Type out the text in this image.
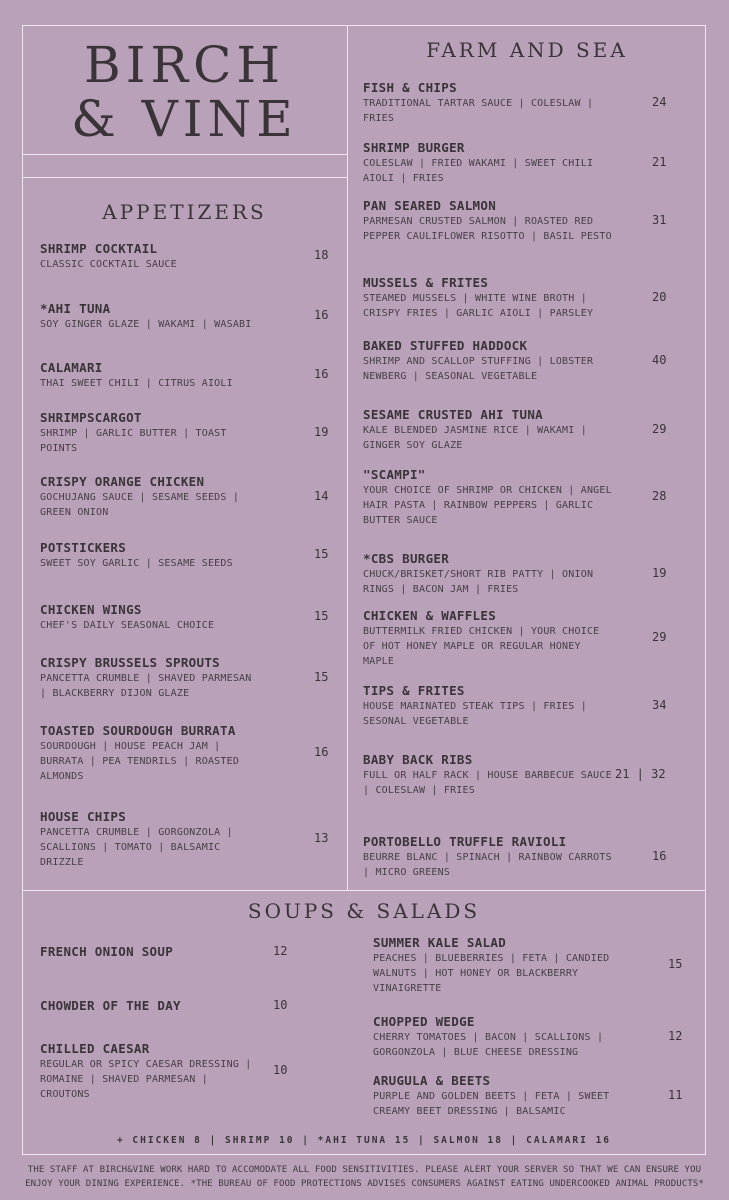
BIRCH
& VINE
APPETIZERS
FARM AND SEA
SOUPS & SALADS
SHRIMP COCKTAIL
CLASSIC COCKTAIL SAUCE
18
*AHI TUNA
SOY GINGER GLAZE | WAKAMI | WASABI
16
CALAMARI
THAI SWEET CHILI | CITRUS AIOLI
16
SHRIMPSCARGOT
SHRIMP | GARLIC BUTTER | TOAST POINTS
19
CRISPY ORANGE CHICKEN
GOCHUJANG SAUCE | SESAME SEEDS | GREEN ONION
14
POTSTICKERS
SWEET SOY GARLIC | SESAME SEEDS
15
CHICKEN WINGS
CHEF'S DAILY SEASONAL CHOICE
15
CRISPY BRUSSELS SPROUTS
PANCETTA CRUMBLE | SHAVED PARMESAN | BLACKBERRY DIJON GLAZE
15
TOASTED SOURDOUGH BURRATA
SOURDOUGH | HOUSE PEACH JAM | BURRATA | PEA TENDRILS | ROASTED ALMONDS
16
HOUSE CHIPS
PANCETTA CRUMBLE | GORGONZOLA | SCALLIONS | TOMATO | BALSAMIC DRIZZLE
13
FISH & CHIPS
TRADITIONAL TARTAR SAUCE | COLESLAW | FRIES
24
SHRIMP BURGER
COLESLAW | FRIED WAKAMI | SWEET CHILI AIOLI | FRIES
21
PAN SEARED SALMON
PARMESAN CRUSTED SALMON | ROASTED RED PEPPER CAULIFLOWER RISOTTO | BASIL PESTO
31
MUSSELS & FRITES
STEAMED MUSSELS | WHITE WINE BROTH | CRISPY FRIES | GARLIC AIOLI | PARSLEY
20
BAKED STUFFED HADDOCK
SHRIMP AND SCALLOP STUFFING | LOBSTER NEWBERG | SEASONAL VEGETABLE
40
SESAME CRUSTED AHI TUNA
KALE BLENDED JASMINE RICE | WAKAMI | GINGER SOY GLAZE
29
"SCAMPI"
YOUR CHOICE OF SHRIMP OR CHICKEN | ANGEL HAIR PASTA | RAINBOW PEPPERS | GARLIC BUTTER SAUCE
28
*CBS BURGER
CHUCK/BRISKET/SHORT RIB PATTY | ONION RINGS | BACON JAM | FRIES
19
CHICKEN & WAFFLES
BUTTERMILK FRIED CHICKEN | YOUR CHOICE OF HOT HONEY MAPLE OR REGULAR HONEY MAPLE
29
TIPS & FRITES
HOUSE MARINATED STEAK TIPS | FRIES | SESONAL VEGETABLE
34
BABY BACK RIBS
FULL OR HALF RACK | HOUSE BARBECUE SAUCE | COLESLAW | FRIES
21 | 32
PORTOBELLO TRUFFLE RAVIOLI
BEURRE BLANC | SPINACH | RAINBOW CARROTS | MICRO GREENS
16
FRENCH ONION SOUP	12
CHOWDER OF THE DAY	10
CHILLED CAESAR
REGULAR OR SPICY CAESAR DRESSING | ROMAINE | SHAVED PARMESAN | CROUTONS
10
SUMMER KALE SALAD
PEACHES | BLUEBERRIES | FETA | CANDIED WALNUTS | HOT HONEY OR BLACKBERRY VINAIGRETTE
15
CHOPPED WEDGE
CHERRY TOMATOES | BACON | SCALLIONS | GORGONZOLA | BLUE CHEESE DRESSING
12
ARUGULA & BEETS
PURPLE AND GOLDEN BEETS | FETA | SWEET CREAMY BEET DRESSING | BALSAMIC
11
+ CHICKEN 8 | SHRIMP 10 | *AHI TUNA 15 | SALMON 18 | CALAMARI 16
THE STAFF AT BIRCH&VINE WORK HARD TO ACCOMODATE ALL FOOD SENSITIVITIES. PLEASE ALERT YOUR SERVER SO THAT WE CAN ENSURE YOU
ENJOY YOUR DINING EXPERIENCE. *THE BUREAU OF FOOD PROTECTIONS ADVISES CONSUMERS AGAINST EATING UNDERCOOKED ANIMAL PRODUCTS*
